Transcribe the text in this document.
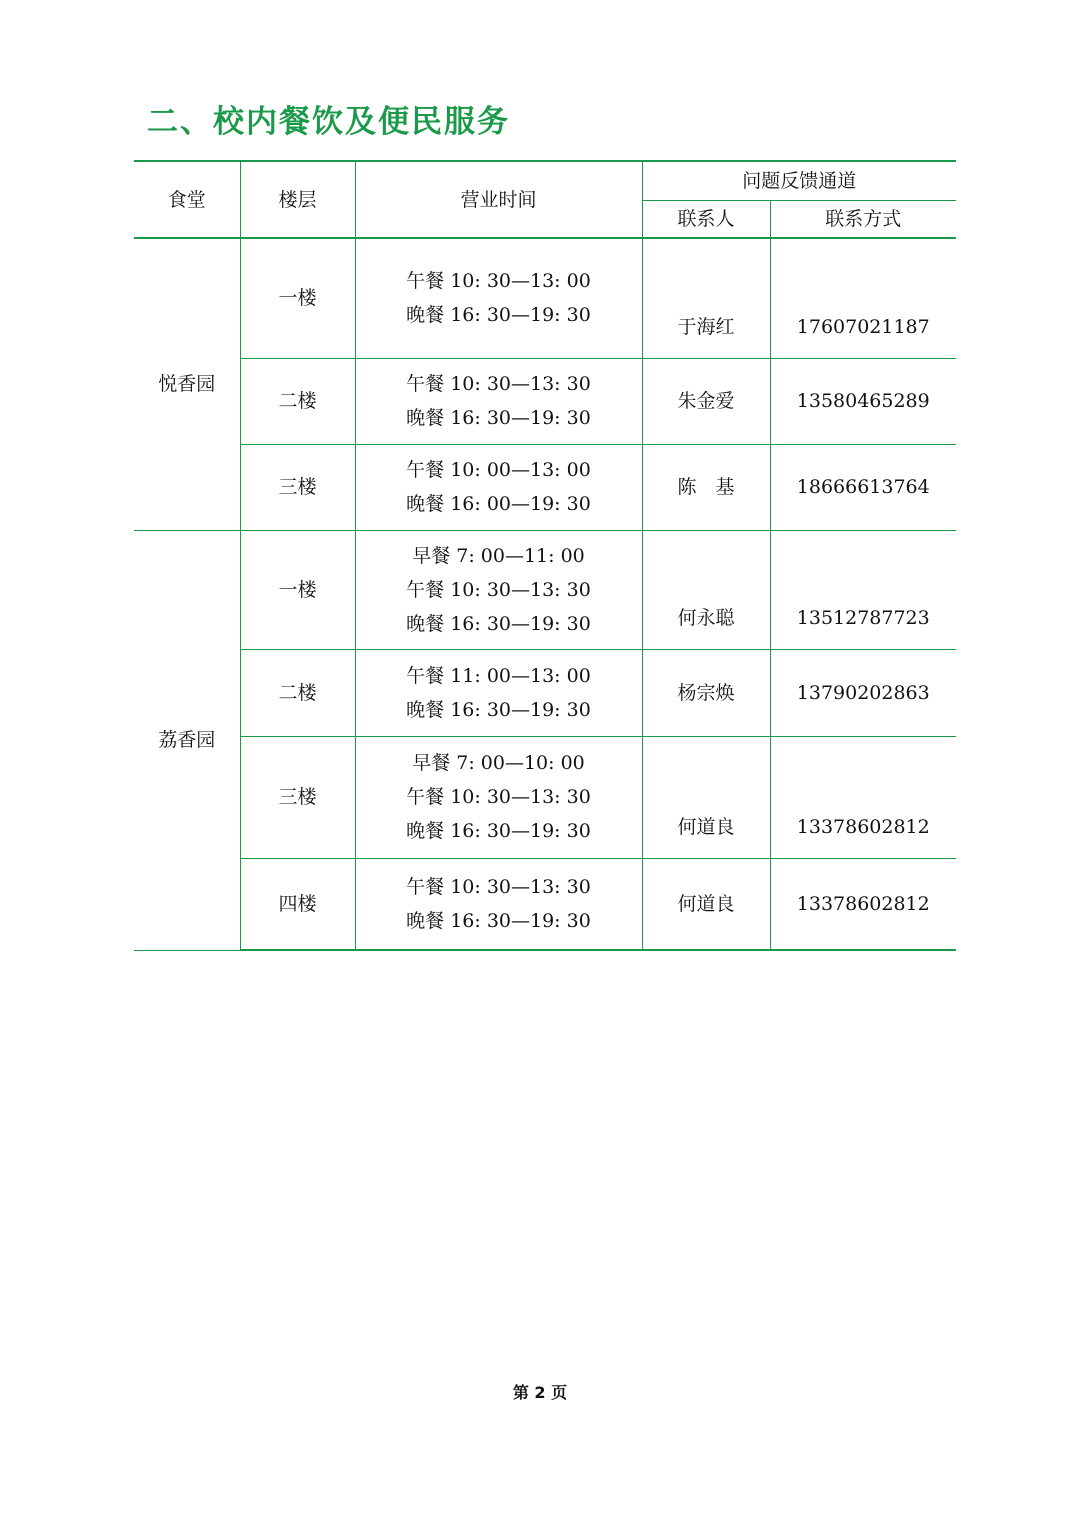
二、校内餐饮及便民服务
食堂	楼层	营业时间	问题反馈通道	
			联系人	联系方式
悦香园	一楼	午餐 10: 30—13: 00
晚餐 16: 30—19: 30	于海红	17607021187
	二楼	午餐 10: 30—13: 30
晚餐 16: 30—19: 30	朱金爱	13580465289
	三楼	午餐 10: 00—13: 00
晚餐 16: 00—19: 30	陈　基	18666613764
荔香园	一楼	早餐 7: 00—11: 00
午餐 10: 30—13: 30
晚餐 16: 30—19: 30	何永聪	13512787723
	二楼	午餐 11: 00—13: 00
晚餐 16: 30—19: 30	杨宗焕	13790202863
	三楼	早餐 7: 00—10: 00
午餐 10: 30—13: 30
晚餐 16: 30—19: 30	何道良	13378602812
	四楼	午餐 10: 30—13: 30
晚餐 16: 30—19: 30	何道良	13378602812
第 2 页
